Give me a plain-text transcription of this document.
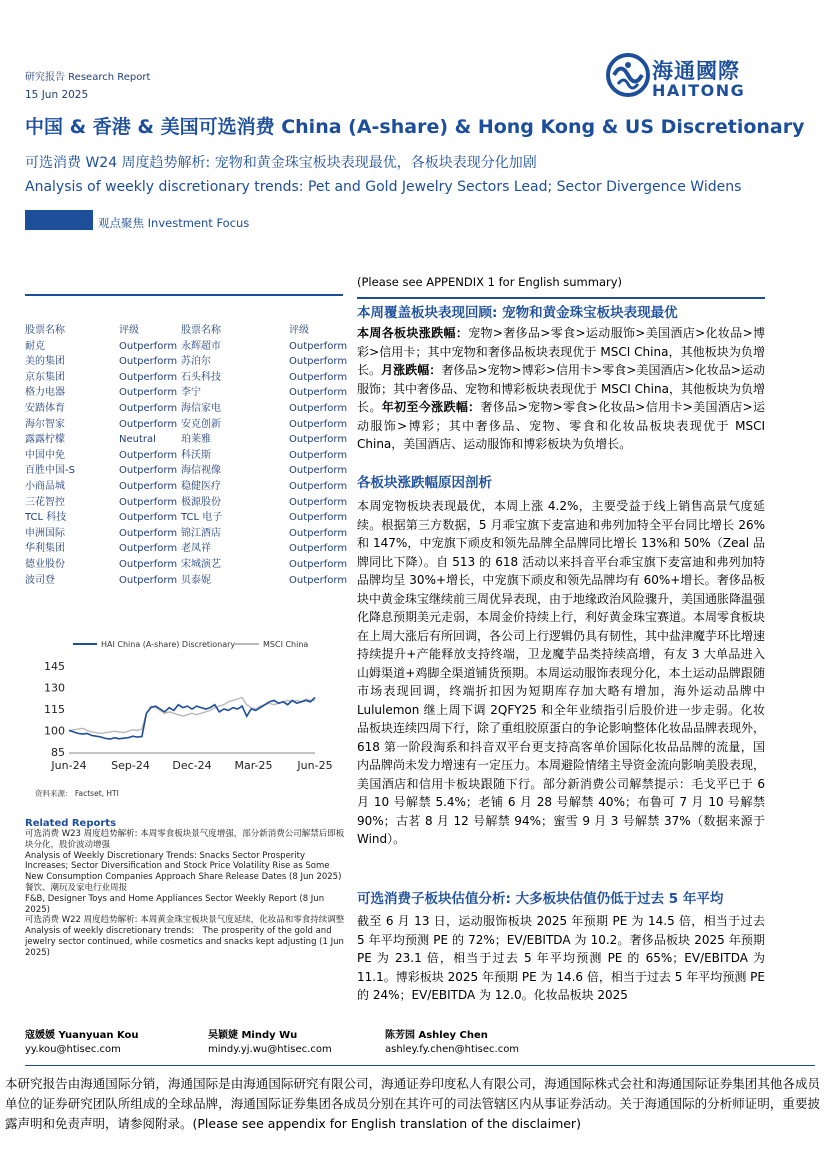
研究报告 Research Report
15 Jun 2025
海通國際
HAITONG
中国 & 香港 & 美国可选消费 China (A-share) & Hong Kong & US Discretionary
可选消费 W24 周度趋势解析: 宠物和黄金珠宝板块表现最优，各板块表现分化加剧
Analysis of weekly discretionary trends: Pet and Gold Jewelry Sectors Lead; Sector Divergence Widens
观点聚焦 Investment Focus
股票名称	评级	股票名称	评级
耐克	Outperform 永辉超市	Outperform
美的集团	Outperform 苏泊尔	Outperform
京东集团	Outperform 石头科技	Outperform
格力电器	Outperform 李宁	Outperform
安踏体育	Outperform 海信家电	Outperform
海尔智家	Outperform 安克创新	Outperform
露露柠檬	Neutral	珀莱雅	Outperform
中国中免	Outperform 科沃斯	Outperform
百胜中国-S	Outperform 海信视像	Outperform
小商品城	Outperform 稳健医疗	Outperform
三花智控	Outperform 极源股份	Outperform
TCL 科技	Outperform TCL 电子	Outperform
申洲国际	Outperform 锦江酒店	Outperform
华利集团	Outperform 老凤祥	Outperform
德业股份	Outperform 宋城演艺	Outperform
波司登	Outperform 贝泰妮	Outperform
HAI China (A-share) Discretionary	MSCI China
85
100
115
130
145
Jun-24 Sep-24 Dec-24 Mar-25 Jun-25
资料来源： Factset, HTI
Related Reports

可选消费 W23 周度趋势解析: 本周零食板块景气度增强，部分新消费公司解禁后即板块分化，股价波动增强

Analysis of Weekly Discretionary Trends: Snacks Sector Prosperity Increases; Sector Diversification and Stock Price Volatility Rise as Some New Consumption Companies Approach Share Release Dates (8 Jun 2025)

餐饮、潮玩及家电行业周报

F&B, Designer Toys and Home Appliances Sector Weekly Report (8 Jun 2025)

可选消费 W22 周度趋势解析: 本周黄金珠宝板块景气度延续，化妆品和零食持续调整

Analysis of weekly discretionary trends:　The prosperity of the gold and jewelry sector continued, while cosmetics and snacks kept adjusting (1 Jun 2025)

(Please see APPENDIX 1 for English summary)
本周覆盖板块表现回顾: 宠物和黄金珠宝板块表现最优
本周各板块涨跌幅：宠物>奢侈品>零食>运动服饰>美国酒店>化妆品>博彩>信用卡；其中宠物和奢侈品板块表现优于 MSCI China，其他板块为负增长。月涨跌幅：奢侈品>宠物>博彩>信用卡>零食>美国酒店>化妆品>运动服饰；其中奢侈品、宠物和博彩板块表现优于 MSCI China，其他板块为负增长。年初至今涨跌幅：奢侈品>宠物>零食>化妆品>信用卡>美国酒店>运动服饰>博彩；其中奢侈品、宠物、零食和化妆品板块表现优于 MSCI China，美国酒店、运动服饰和博彩板块为负增长。
各板块涨跌幅原因剖析
本周宠物板块表现最优，本周上涨 4.2%，主要受益于线上销售高景气度延续。根据第三方数据，5 月乖宝旗下麦富迪和弗列加特全平台同比增长 26%和 147%，中宠旗下顽皮和领先品牌全品牌同比增长 13%和 50%（Zeal 品牌同比下降）。自 513 的 618 活动以来抖音平台乖宝旗下麦富迪和弗列加特品牌均呈 30%+增长，中宠旗下顽皮和领先品牌均有 60%+增长。奢侈品板块中黄金珠宝继续前三周优异表现，由于地缘政治风险骤升，美国通胀降温强化降息预期美元走弱，本周金价持续上行，利好黄金珠宝赛道。本周零食板块在上周大涨后有所回调，各公司上行逻辑仍具有韧性，其中盐津魔芋环比增速持续提升+产能释放支持终端，卫龙魔芋品类持续高增，有友 3 大单品进入山姆渠道+鸡脚全渠道铺货预期。本周运动服饰表现分化，本土运动品牌跟随市场表现回调，终端折扣因为短期库存加大略有增加，海外运动品牌中 Lululemon 继上周下调 2QFY25 和全年业绩指引后股价进一步走弱。化妆品板块连续四周下行，除了重组胶原蛋白的争论影响整体化妆品品牌表现外，618 第一阶段淘系和抖音双平台更支持高客单价国际化妆品品牌的流量，国内品牌尚未发力增速有一定压力。本周避险情绪主导资金流向影响美股表现，美国酒店和信用卡板块跟随下行。部分新消费公司解禁提示：毛戈平已于 6 月 10 号解禁 5.4%；老铺 6 月 28 号解禁 40%；布鲁可 7 月 10 号解禁 90%；古茗 8 月 12 号解禁 94%；蜜雪 9 月 3 号解禁 37%（数据来源于 Wind）。
可选消费子板块估值分析: 大多板块估值仍低于过去 5 年平均
截至 6 月 13 日，运动服饰板块 2025 年预期 PE 为 14.5 倍，相当于过去 5 年平均预测 PE 的 72%；EV/EBITDA 为 10.2。奢侈品板块 2025 年预期 PE 为 23.1 倍，相当于过去 5 年平均预测 PE 的 65%；EV/EBITDA 为 11.1。博彩板块 2025 年预期 PE 为 14.6 倍，相当于过去 5 年平均预测 PE 的 24%；EV/EBITDA 为 12.0。化妆品板块 2025
寇媛媛 Yuanyuan Kou
yy.kou@htisec.com
吴颖婕 Mindy Wu
mindy.yj.wu@htisec.com
陈芳园 Ashley Chen
ashley.fy.chen@htisec.com
本研究报告由海通国际分销，海通国际是由海通国际研究有限公司，海通证券印度私人有限公司，海通国际株式会社和海通国际证券集团其他各成员单位的证券研究团队所组成的全球品牌，海通国际证券集团各成员分别在其许可的司法管辖区内从事证券活动。关于海通国际的分析师证明，重要披露声明和免责声明，请参阅附录。(Please see appendix for English translation of the disclaimer)
